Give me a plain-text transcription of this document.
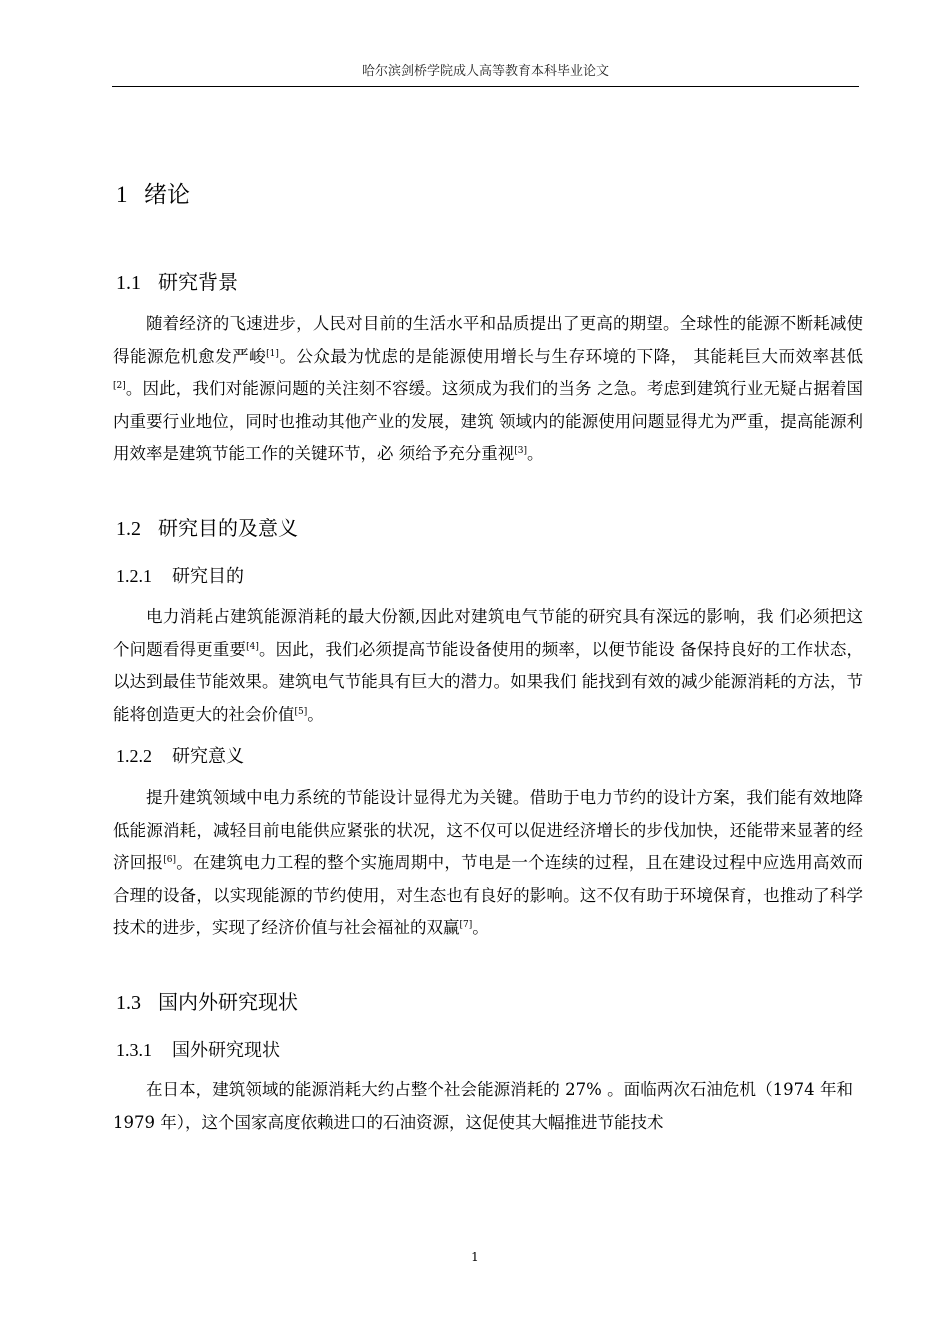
哈尔滨剑桥学院成人高等教育本科毕业论文
1 绪论
1.1 研究背景

随着经济的飞速进步，人民对目前的生活水平和品质提出了更高的期望。全球性的能源不断耗减使得能源危机愈发严峻[1]。公众最为忧虑的是能源使用增长与生存环境的下降， 其能耗巨大而效率甚低[2]。因此，我们对能源问题的关注刻不容缓。这须成为我们的当务 之急。考虑到建筑行业无疑占据着国内重要行业地位，同时也推动其他产业的发展，建筑 领域内的能源使用问题显得尤为严重，提高能源利用效率是建筑节能工作的关键环节，必 须给予充分重视[3]。

1.2 研究目的及意义
1.2.1 研究目的

电力消耗占建筑能源消耗的最大份额,因此对建筑电气节能的研究具有深远的影响，我 们必须把这个问题看得更重要[4]。因此，我们必须提高节能设备使用的频率，以便节能设 备保持良好的工作状态，以达到最佳节能效果。建筑电气节能具有巨大的潜力。如果我们 能找到有效的减少能源消耗的方法，节能将创造更大的社会价值[5]。

1.2.2 研究意义

提升建筑领域中电力系统的节能设计显得尤为关键。借助于电力节约的设计方案，我们能有效地降低能源消耗，减轻目前电能供应紧张的状况，这不仅可以促进经济增长的步伐加快，还能带来显著的经济回报[6]。在建筑电力工程的整个实施周期中，节电是一个连续的过程，且在建设过程中应选用高效而合理的设备，以实现能源的节约使用，对生态也有良好的影响。这不仅有助于环境保育，也推动了科学技术的进步，实现了经济价值与社会福祉的双赢[7]。

1.3 国内外研究现状
1.3.1 国外研究现状

在日本，建筑领域的能源消耗大约占整个社会能源消耗的 27% 。面临两次石油危机（1974 年和 1979 年），这个国家高度依赖进口的石油资源，这促使其大幅推进节能技术

1
